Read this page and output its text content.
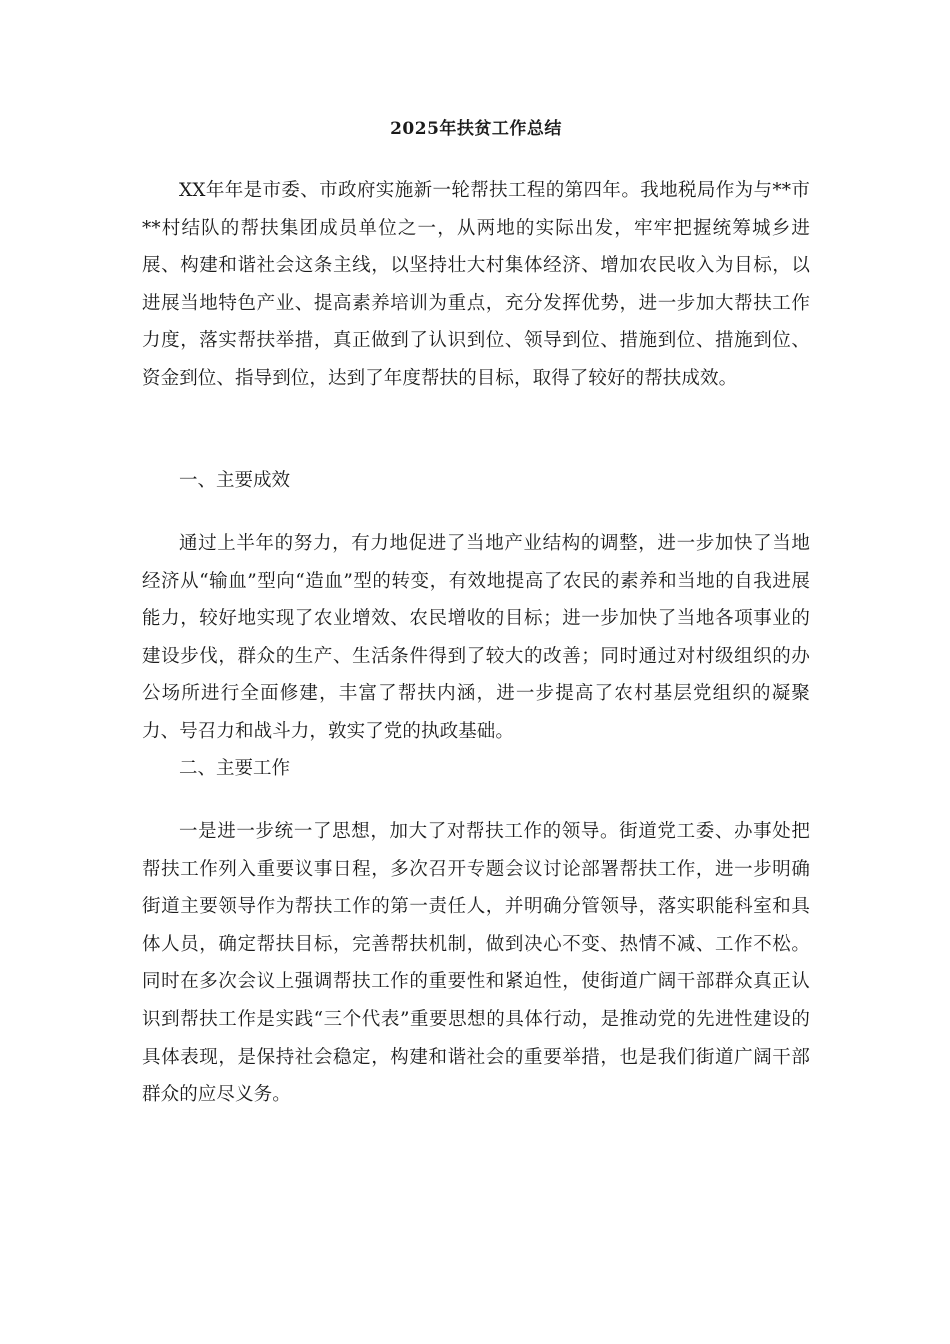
2025年扶贫工作总结

XX年年是市委、市政府实施新一轮帮扶工程的第四年。我地税局作为与**市**村结队的帮扶集团成员单位之一，从两地的实际出发，牢牢把握统筹城乡进展、构建和谐社会这条主线，以坚持壮大村集体经济、增加农民收入为目标，以进展当地特色产业、提高素养培训为重点，充分发挥优势，进一步加大帮扶工作力度，落实帮扶举措，真正做到了认识到位、领导到位、措施到位、措施到位、资金到位、指导到位，达到了年度帮扶的目标，取得了较好的帮扶成效。

一、主要成效

通过上半年的努力，有力地促进了当地产业结构的调整，进一步加快了当地经济从“输血”型向“造血”型的转变，有效地提高了农民的素养和当地的自我进展能力，较好地实现了农业增效、农民增收的目标；进一步加快了当地各项事业的建设步伐，群众的生产、生活条件得到了较大的改善；同时通过对村级组织的办公场所进行全面修建，丰富了帮扶内涵，进一步提高了农村基层党组织的凝聚力、号召力和战斗力，敦实了党的执政基础。

二、主要工作

一是进一步统一了思想，加大了对帮扶工作的领导。街道党工委、办事处把帮扶工作列入重要议事日程，多次召开专题会议讨论部署帮扶工作，进一步明确街道主要领导作为帮扶工作的第一责任人，并明确分管领导，落实职能科室和具体人员，确定帮扶目标，完善帮扶机制，做到决心不变、热情不减、工作不松。同时在多次会议上强调帮扶工作的重要性和紧迫性，使街道广阔干部群众真正认识到帮扶工作是实践“三个代表”重要思想的具体行动，是推动党的先进性建设的具体表现，是保持社会稳定，构建和谐社会的重要举措，也是我们街道广阔干部群众的应尽义务。
